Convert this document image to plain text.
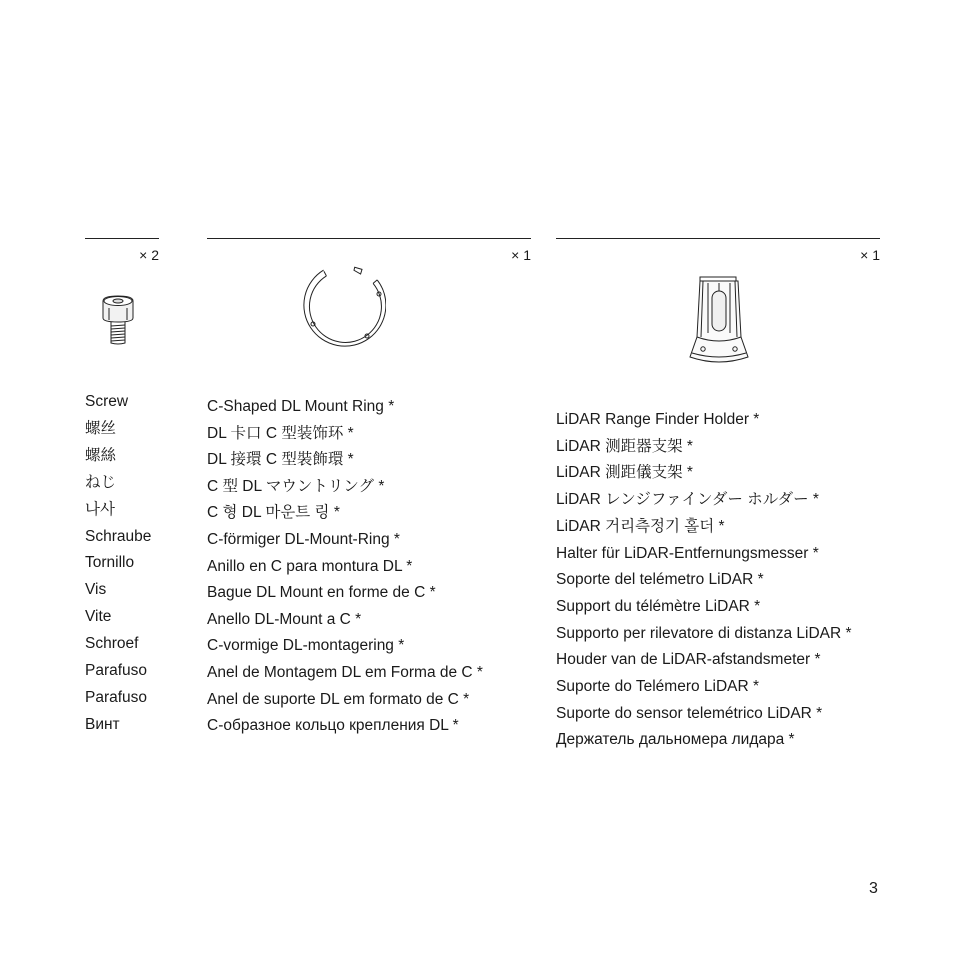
× 2
Screw
螺丝
螺絲
ねじ
나사
Schraube
Tornillo
Vis
Vite
Schroef
Parafuso
Parafuso
Винт
× 1
C-Shaped DL Mount Ring *
DL 卡口 C 型装饰环 *
DL 接環 C 型裝飾環 *
C 型 DL マウントリング *
C 형 DL 마운트 링 *
C-förmiger DL-Mount-Ring *
Anillo en C para montura DL *
Bague DL Mount en forme de C *
Anello DL-Mount a C *
C-vormige DL-montagering *
Anel de Montagem DL em Forma de C *
Anel de suporte DL em formato de C *
С-образное кольцо крепления DL *
× 1
LiDAR Range Finder Holder *
LiDAR 测距器支架 *
LiDAR 測距儀支架 *
LiDAR レンジファインダー ホルダー *
LiDAR 거리측정기 홀더 *
Halter für LiDAR-Entfernungsmesser *
Soporte del telémetro LiDAR *
Support du télémètre LiDAR *
Supporto per rilevatore di distanza LiDAR *
Houder van de LiDAR-afstandsmeter *
Suporte do Telémero LiDAR *
Suporte do sensor telemétrico LiDAR *
Держатель дальномера лидара *
3
